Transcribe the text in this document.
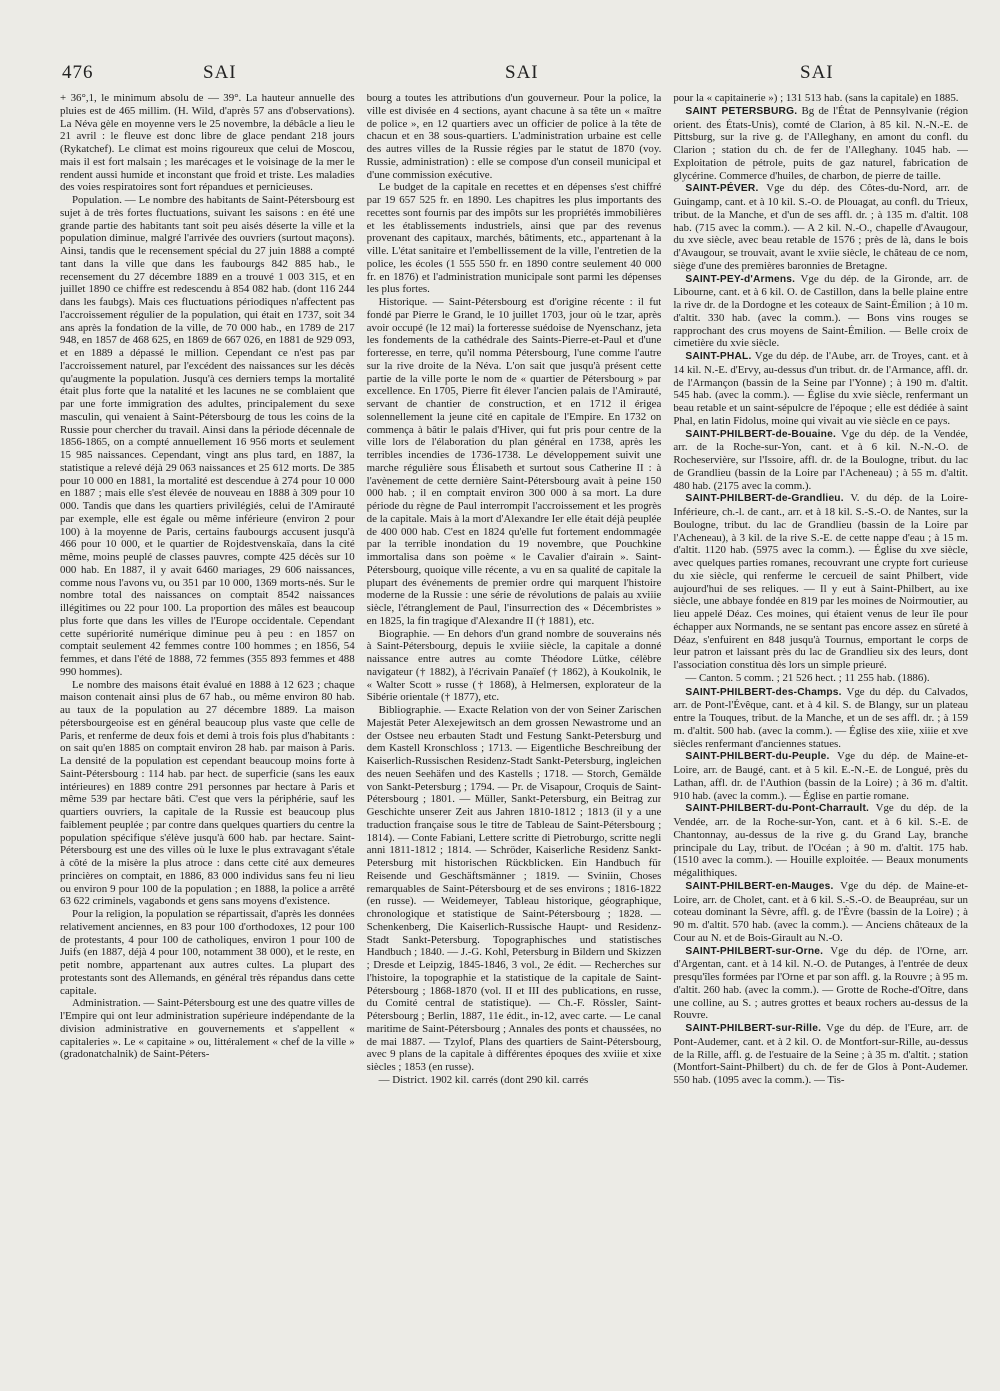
476	SAI	SAI	SAI

+ 36°,1, le minimum absolu de — 39°. La hauteur annuelle des pluies est de 465 millim. (H. Wild, d'après 57 ans d'observations). La Néva gèle en moyenne vers le 25 novembre, la débâcle a lieu le 21 avril : le fleuve est donc libre de glace pendant 218 jours (Rykatchef). Le climat est moins rigoureux que celui de Moscou, mais il est fort malsain ; les marécages et le voisinage de la mer le rendent aussi humide et inconstant que froid et triste. Les maladies des voies respiratoires sont fort répandues et pernicieuses.

Population. — Le nombre des habitants de Saint-Pétersbourg est sujet à de très fortes fluctuations, suivant les saisons : en été une grande partie des habitants tant soit peu aisés déserte la ville et la population diminue, malgré l'arrivée des ouvriers (surtout maçons). Ainsi, tandis que le recensement spécial du 27 juin 1888 a compté tant dans la ville que dans les faubourgs 842 885 hab., le recensement du 27 décembre 1889 en a trouvé 1 003 315, et en juillet 1890 ce chiffre est redescendu à 854 082 hab. (dont 116 244 dans les faubgs). Mais ces fluctuations périodiques n'affectent pas l'accroissement régulier de la population, qui était en 1737, soit 34 ans après la fondation de la ville, de 70 000 hab., en 1789 de 217 948, en 1857 de 468 625, en 1869 de 667 026, en 1881 de 929 093, et en 1889 a dépassé le million. Cependant ce n'est pas par l'accroissement naturel, par l'excédent des naissances sur les décès qu'augmente la population. Jusqu'à ces derniers temps la mortalité était plus forte que la natalité et les lacunes ne se comblaient que par une forte immigration des adultes, principalement du sexe masculin, qui venaient à Saint-Pétersbourg de tous les coins de la Russie pour chercher du travail. Ainsi dans la période décennale de 1856-1865, on a compté annuellement 16 956 morts et seulement 15 985 naissances. Cependant, vingt ans plus tard, en 1887, la statistique a relevé déjà 29 063 naissances et 25 612 morts. De 385 pour 10 000 en 1881, la mortalité est descendue à 274 pour 10 000 en 1887 ; mais elle s'est élevée de nouveau en 1888 à 309 pour 10 000. Tandis que dans les quartiers privilégiés, celui de l'Amirauté par exemple, elle est égale ou même inférieure (environ 2 pour 100) à la moyenne de Paris, certains faubourgs accusent jusqu'à 466 pour 10 000, et le quartier de Rojdestvenskaïa, dans la cité même, moins peuplé de classes pauvres, compte 425 décès sur 10 000 hab. En 1887, il y avait 6460 mariages, 29 606 naissances, comme nous l'avons vu, ou 351 par 10 000, 1369 morts-nés. Sur le nombre total des naissances on comptait 8542 naissances illégitimes ou 22 pour 100. La proportion des mâles est beaucoup plus forte que dans les villes de l'Europe occidentale. Cependant cette supériorité numérique diminue peu à peu : en 1857 on comptait seulement 42 femmes contre 100 hommes ; en 1856, 54 femmes, et dans l'été de 1888, 72 femmes (355 893 femmes et 488 990 hommes).

Le nombre des maisons était évalué en 1888 à 12 623 ; chaque maison contenait ainsi plus de 67 hab., ou même environ 80 hab. au taux de la population au 27 décembre 1889. La maison pétersbourgeoise est en général beaucoup plus vaste que celle de Paris, et renferme de deux fois et demi à trois fois plus d'habitants : on sait qu'en 1885 on comptait environ 28 hab. par maison à Paris. La densité de la population est cependant beaucoup moins forte à Saint-Pétersbourg : 114 hab. par hect. de superficie (sans les eaux intérieures) en 1889 contre 291 personnes par hectare à Paris et même 539 par hectare bâti. C'est que vers la périphérie, sauf les quartiers ouvriers, la capitale de la Russie est beaucoup plus faiblement peuplée ; par contre dans quelques quartiers du centre la population spécifique s'élève jusqu'à 600 hab. par hectare. Saint-Pétersbourg est une des villes où le luxe le plus extravagant s'étale à côté de la misère la plus atroce : dans cette cité aux demeures princières on comptait, en 1886, 83 000 individus sans feu ni lieu ou environ 9 pour 100 de la population ; en 1888, la police a arrêté 63 622 criminels, vagabonds et gens sans moyens d'existence.

Pour la religion, la population se répartissait, d'après les données relativement anciennes, en 83 pour 100 d'orthodoxes, 12 pour 100 de protestants, 4 pour 100 de catholiques, environ 1 pour 100 de Juifs (en 1887, déjà 4 pour 100, notamment 38 000), et le reste, en petit nombre, appartenant aux autres cultes. La plupart des protestants sont des Allemands, en général très répandus dans cette capitale.

Administration. — Saint-Pétersbourg est une des quatre villes de l'Empire qui ont leur administration supérieure indépendante de la division administrative en gouvernements et s'appellent « capitaleries ». Le « capitaine » ou, littéralement « chef de la ville » (gradonatchalnik) de Saint-Péters-

bourg a toutes les attributions d'un gouverneur. Pour la police, la ville est divisée en 4 sections, ayant chacune à sa tête un « maître de police », en 12 quartiers avec un officier de police à la tête de chacun et en 38 sous-quartiers. L'administration urbaine est celle des autres villes de la Russie régies par le statut de 1870 (voy. Russie, administration) : elle se compose d'un conseil municipal et d'une commission exécutive.

Le budget de la capitale en recettes et en dépenses s'est chiffré par 19 657 525 fr. en 1890. Les chapitres les plus importants des recettes sont fournis par des impôts sur les propriétés immobilières et les établissements industriels, ainsi que par des revenus provenant des capitaux, marchés, bâtiments, etc., appartenant à la ville. L'état sanitaire et l'embellissement de la ville, l'entretien de la police, les écoles (1 555 550 fr. en 1890 contre seulement 40 000 fr. en 1876) et l'administration municipale sont parmi les dépenses les plus fortes.

Historique. — Saint-Pétersbourg est d'origine récente : il fut fondé par Pierre le Grand, le 10 juillet 1703, jour où le tzar, après avoir occupé (le 12 mai) la forteresse suédoise de Nyenschanz, jeta les fondements de la cathédrale des Saints-Pierre-et-Paul et d'une forteresse, en terre, qu'il nomma Pétersbourg, l'une comme l'autre sur la rive droite de la Néva. L'on sait que jusqu'à présent cette partie de la ville porte le nom de « quartier de Pétersbourg » par excellence. En 1705, Pierre fit élever l'ancien palais de l'Amirauté, servant de chantier de construction, et en 1712 il érigea solennellement la jeune cité en capitale de l'Empire. En 1732 on commença à bâtir le palais d'Hiver, qui fut pris pour centre de la ville lors de l'élaboration du plan général en 1738, après les terribles incendies de 1736-1738. Le développement suivit une marche régulière sous Élisabeth et surtout sous Catherine II : à l'avènement de cette dernière Saint-Pétersbourg avait à peine 150 000 hab. ; il en comptait environ 300 000 à sa mort. La dure période du règne de Paul interrompit l'accroissement et les progrès de la capitale. Mais à la mort d'Alexandre Ier elle était déjà peuplée de 400 000 hab. C'est en 1824 qu'elle fut fortement endommagée par la terrible inondation du 19 novembre, que Pouchkine immortalisa dans son poème « le Cavalier d'airain ». Saint-Pétersbourg, quoique ville récente, a vu en sa qualité de capitale la plupart des événements de premier ordre qui marquent l'histoire moderne de la Russie : une série de révolutions de palais au xviiie siècle, l'étranglement de Paul, l'insurrection des « Décembristes » en 1825, la fin tragique d'Alexandre II († 1881), etc.

Biographie. — En dehors d'un grand nombre de souverains nés à Saint-Pétersbourg, depuis le xviiie siècle, la capitale a donné naissance entre autres au comte Théodore Lütke, célèbre navigateur († 1882), à l'écrivain Panaïef († 1862), à Koukolnik, le « Walter Scott » russe († 1868), à Helmersen, explorateur de la Sibérie orientale († 1877), etc.

Bibliographie. — Exacte Relation von der von Seiner Zarischen Majestät Peter Alexejewitsch an dem grossen Newastrome und an der Ostsee neu erbauten Stadt und Festung Sankt-Petersburg und dem Kastell Kronschloss ; 1713. — Eigentliche Beschreibung der Kaiserlich-Russischen Residenz-Stadt Sankt-Petersburg, ingleichen des neuen Seehäfen und des Kastells ; 1718. — Storch, Gemälde von Sankt-Petersburg ; 1794. — Pr. de Visapour, Croquis de Saint-Pétersbourg ; 1801. — Müller, Sankt-Petersburg, ein Beitrag zur Geschichte unserer Zeit aus Jahren 1810-1812 ; 1813 (il y a une traduction française sous le titre de Tableau de Saint-Pétersbourg ; 1814). — Conte Fabiani, Lettere scritte di Pietroburgo, scritte negli anni 1811-1812 ; 1814. — Schröder, Kaiserliche Residenz Sankt-Petersburg mit historischen Rückblicken. Ein Handbuch für Reisende und Geschäftsmänner ; 1819. — Sviniin, Choses remarquables de Saint-Pétersbourg et de ses environs ; 1816-1822 (en russe). — Weidemeyer, Tableau historique, géographique, chronologique et statistique de Saint-Pétersbourg ; 1828. — Schenkenberg, Die Kaiserlich-Russische Haupt- und Residenz-Stadt Sankt-Petersburg. Topographisches und statistisches Handbuch ; 1840. — J.-G. Kohl, Petersburg in Bildern und Skizzen ; Dresde et Leipzig, 1845-1846, 3 vol., 2e édit. — Recherches sur l'histoire, la topographie et la statistique de la capitale de Saint-Pétersbourg ; 1868-1870 (vol. II et III des publications, en russe, du Comité central de statistique). — Ch.-F. Rössler, Saint-Pétersbourg ; Berlin, 1887, 11e édit., in-12, avec carte. — Le canal maritime de Saint-Pétersbourg ; Annales des ponts et chaussées, no de mai 1887. — Tzylof, Plans des quartiers de Saint-Pétersbourg, avec 9 plans de la capitale à différentes époques des xviiie et xixe siècles ; 1853 (en russe).

— District. 1902 kil. carrés (dont 290 kil. carrés

pour la « capitainerie ») ; 131 513 hab. (sans la capitale) en 1885.

SAINT PETERSBURG. Bg de l'État de Pennsylvanie (région orient. des États-Unis), comté de Clarion, à 85 kil. N.-N.-E. de Pittsburg, sur la rive g. de l'Alleghany, en amont du confl. du Clarion ; station du ch. de fer de l'Alleghany. 1045 hab. — Exploitation de pétrole, puits de gaz naturel, fabrication de glycérine. Commerce d'huiles, de charbon, de pierre de taille.

SAINT-PÉVER. Vge du dép. des Côtes-du-Nord, arr. de Guingamp, cant. et à 10 kil. S.-O. de Plouagat, au confl. du Trieux, tribut. de la Manche, et d'un de ses affl. dr. ; à 135 m. d'altit. 108 hab. (715 avec la comm.). — A 2 kil. N.-O., chapelle d'Avaugour, du xve siècle, avec beau retable de 1576 ; près de là, dans le bois d'Avaugour, se trouvait, avant le xviie siècle, le château de ce nom, siège d'une des premières baronnies de Bretagne.

SAINT-PEY-d'Armens. Vge du dép. de la Gironde, arr. de Libourne, cant. et à 6 kil. O. de Castillon, dans la belle plaine entre la rive dr. de la Dordogne et les coteaux de Saint-Émilion ; à 10 m. d'altit. 330 hab. (avec la comm.). — Bons vins rouges se rapprochant des crus moyens de Saint-Émilion. — Belle croix de cimetière du xvie siècle.

SAINT-PHAL. Vge du dép. de l'Aube, arr. de Troyes, cant. et à 14 kil. N.-E. d'Ervy, au-dessus d'un tribut. dr. de l'Armance, affl. dr. de l'Armançon (bassin de la Seine par l'Yonne) ; à 190 m. d'altit. 545 hab. (avec la comm.). — Église du xvie siècle, renfermant un beau retable et un saint-sépulcre de l'époque ; elle est dédiée à saint Phal, en latin Fidolus, moine qui vivait au vie siècle en ce pays.

SAINT-PHILBERT-de-Bouaine. Vge du dép. de la Vendée, arr. de la Roche-sur-Yon, cant. et à 6 kil. N.-N.-O. de Rocheservière, sur l'Issoire, affl. dr. de la Boulogne, tribut. du lac de Grandlieu (bassin de la Loire par l'Acheneau) ; à 55 m. d'altit. 480 hab. (2175 avec la comm.).

SAINT-PHILBERT-de-Grandlieu. V. du dép. de la Loire-Inférieure, ch.-l. de cant., arr. et à 18 kil. S.-S.-O. de Nantes, sur la Boulogne, tribut. du lac de Grandlieu (bassin de la Loire par l'Acheneau), à 3 kil. de la rive S.-E. de cette nappe d'eau ; à 15 m. d'altit. 1120 hab. (5975 avec la comm.). — Église du xve siècle, avec quelques parties romanes, recouvrant une crypte fort curieuse du xie siècle, qui renferme le cercueil de saint Philbert, vide aujourd'hui de ses reliques. — Il y eut à Saint-Philbert, au ixe siècle, une abbaye fondée en 819 par les moines de Noirmoutier, au lieu appelé Déaz. Ces moines, qui étaient venus de leur île pour échapper aux Normands, ne se sentant pas encore assez en sûreté à Déaz, s'enfuirent en 848 jusqu'à Tournus, emportant le corps de leur patron et laissant près du lac de Grandlieu six des leurs, dont l'association constitua dès lors un simple prieuré.

— Canton. 5 comm. ; 21 526 hect. ; 11 255 hab. (1886).

SAINT-PHILBERT-des-Champs. Vge du dép. du Calvados, arr. de Pont-l'Évêque, cant. et à 4 kil. S. de Blangy, sur un plateau entre la Touques, tribut. de la Manche, et un de ses affl. dr. ; à 159 m. d'altit. 500 hab. (avec la comm.). — Église des xiie, xiiie et xve siècles renfermant d'anciennes statues.

SAINT-PHILBERT-du-Peuple. Vge du dép. de Maine-et-Loire, arr. de Baugé, cant. et à 5 kil. E.-N.-E. de Longué, près du Lathan, affl. dr. de l'Authion (bassin de la Loire) ; à 36 m. d'altit. 910 hab. (avec la comm.). — Église en partie romane.

SAINT-PHILBERT-du-Pont-Charrault. Vge du dép. de la Vendée, arr. de la Roche-sur-Yon, cant. et à 6 kil. S.-E. de Chantonnay, au-dessus de la rive g. du Grand Lay, branche principale du Lay, tribut. de l'Océan ; à 90 m. d'altit. 175 hab. (1510 avec la comm.). — Houille exploitée. — Beaux monuments mégalithiques.

SAINT-PHILBERT-en-Mauges. Vge du dép. de Maine-et-Loire, arr. de Cholet, cant. et à 6 kil. S.-S.-O. de Beaupréau, sur un coteau dominant la Sèvre, affl. g. de l'Èvre (bassin de la Loire) ; à 90 m. d'altit. 570 hab. (avec la comm.). — Anciens châteaux de la Cour au N. et de Bois-Girault au N.-O.

SAINT-PHILBERT-sur-Orne. Vge du dép. de l'Orne, arr. d'Argentan, cant. et à 14 kil. N.-O. de Putanges, à l'entrée de deux presqu'îles formées par l'Orne et par son affl. g. la Rouvre ; à 95 m. d'altit. 260 hab. (avec la comm.). — Grotte de Roche-d'Oître, dans une colline, au S. ; autres grottes et beaux rochers au-dessus de la Rouvre.

SAINT-PHILBERT-sur-Rille. Vge du dép. de l'Eure, arr. de Pont-Audemer, cant. et à 2 kil. O. de Montfort-sur-Rille, au-dessus de la Rille, affl. g. de l'estuaire de la Seine ; à 35 m. d'altit. ; station (Montfort-Saint-Philbert) du ch. de fer de Glos à Pont-Audemer. 550 hab. (1095 avec la comm.). — Tis-
